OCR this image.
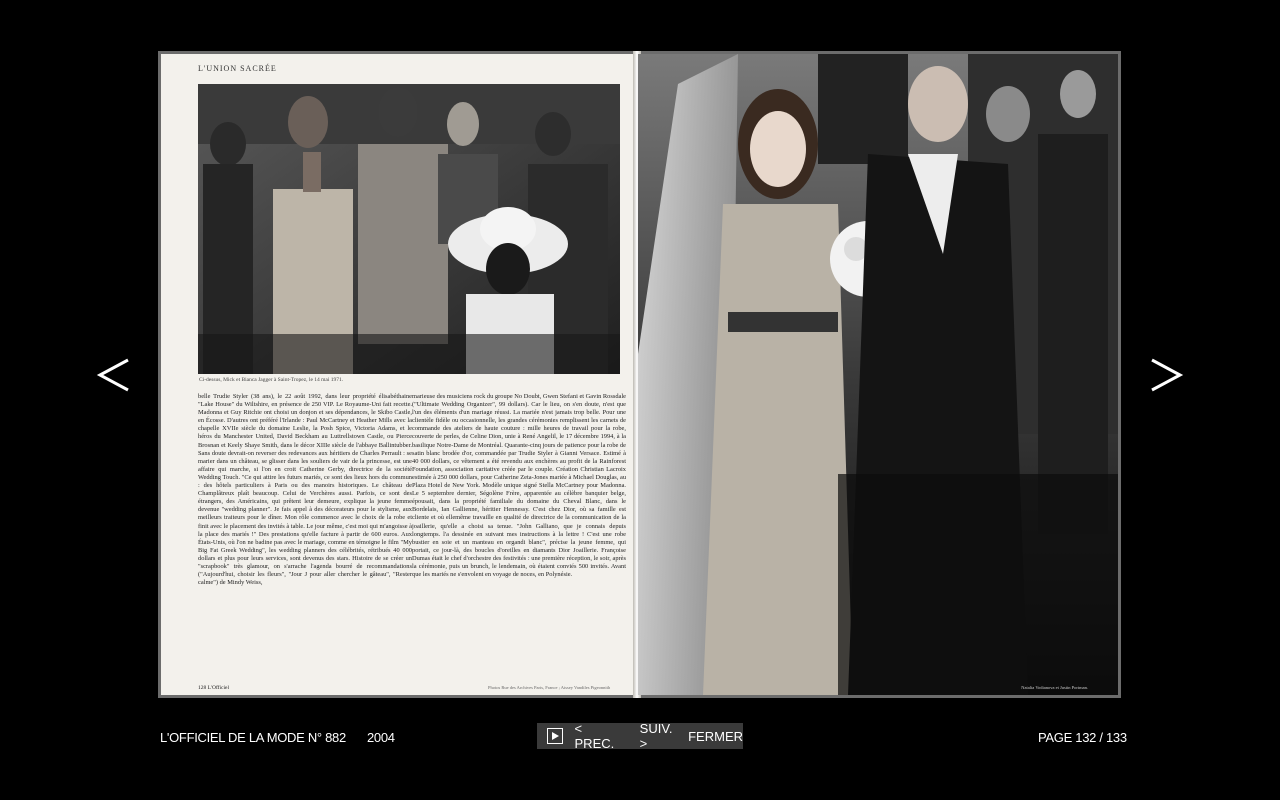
L'UNION SACRÉE
Ci-dessus, Mick et Bianca Jagger à Saint-Tropez, le 14 mai 1971.
belle Trudie Styler (38 ans), le 22 août 1992, dans leur propriété élisabéthaine "Lake House" du Wiltshire, en présence de 250 VIP. Le Royaume-Uni fait recette. Madonna et Guy Ritchie ont choisi un donjon et ses dépendances, le Skibo Castle, en Écosse. D'autres ont préféré l'Irlande : Paul McCartney et Heather Mills avec la chapelle XVIIe siècle du domaine Leslie, la Posh Spice, Victoria Adams, et le héros du Manchester United, David Beckham au Luttrellstown Castle, ou Pierce Brosnan et Keely Shaye Smith, dans le décor XIIIe siècle de l'abbaye Ballintubber. Sans doute devrait-on reverser des redevances aux héritiers de Charles Perrault : se marier dans un château, se glisser dans les souliers de vair de la princesse, est une affaire qui marche, si l'on en croit Catherine Gerby, directrice de la société Wedding Touch. "Ce qui attire les futurs mariés, ce sont des lieux hors du commun : des hôtels particuliers à Paris ou des manoirs historiques. Le château de Champlâtreux plaît beaucoup. Celui de Verchères aussi. Parfois, ce sont des étrangers, des Américains, qui prêtent leur demeure, explique la jeune femme devenue "wedding planner". Je fais appel à des décorateurs pour le stylisme, aux meilleurs traiteurs pour le dîner. Mon rôle commence avec le choix de la robe et finit avec le placement des invités à table. Le jour même, c'est moi qui m'angoisse à la place des mariés !" Des prestations qu'elle facture à partir de 600 euros. Aux États-Unis, où l'on ne badine pas avec le mariage, comme en témoigne le film "My Big Fat Greek Wedding", les wedding planners des célébrités, rétribués 40 000 dollars et plus pour leurs services, sont devenus des stars. Histoire de se créer un "scrapbook" très glamour, on s'arrache l'agenda bourré de recommandations ("Aujourd'hui, choisir les fleurs", "Jour J pour aller chercher le gâteau", "Rester calme") de Mindy Weiss,
marieuse des musiciens rock du groupe No Doubt, Gwen Stefani et Gavin Rossdale ("Ultimate Wedding Organizer", 99 dollars). Car le lieu, on s'en doute, n'est que l'un des éléments d'un mariage réussi. La mariée n'est jamais trop belle. Pour une clientèle fidèle ou occasionnelle, les grandes cérémonies remplissent les carnets de commande des ateliers de haute couture : mille heures de travail pour la robe, couverte de perles, de Celine Dion, unie à René Angelil, le 17 décembre 1994, à la basilique Notre-Dame de Montréal. Quarante-cinq jours de patience pour la robe de satin blanc brodée d'or, commandée par Trudie Styler à Gianni Versace. Estimé à 40 000 dollars, ce vêtement a été revendu aux enchères au profit de la Rainforest Foundation, association caritative créée par le couple. Création Christian Lacroix estimée à 250 000 dollars, pour Catherine Zeta-Jones mariée à Michael Douglas, au Plaza Hotel de New York. Modèle unique signé Stella McCartney pour Madonna. Le 5 septembre dernier, Ségolène Frère, apparentée au célèbre banquier belge, épousait, dans la propriété familiale du domaine du Cheval Blanc, dans le Bordelais, Ian Gallienne, héritier Hennessy. C'est chez Dior, où sa famille est cliente et où ellemême travaille en qualité de directrice de la communication de la joaillerie, qu'elle a choisi sa tenue. "John Galliano, que je connais depuis longtemps. l'a dessinée en suivant mes instructions à la lettre ! C'est une robe bustier en soie et un manteau en organdi blanc", précise la jeune femme, qui portait, ce jour-là, des boucles d'oreilles en diamants Dior Joaillerie. Françoise Dumas était le chef d'orchestre des festivités : une première réception, le soir, après la cérémonie, puis un brunch, le lendemain, où étaient conviés 500 invités. Avant que les mariés ne s'envolent en voyage de noces, en Polynésie.
128 L'Officiel	Photos Rue des Archives Paris, France ; Aissey Vandiles Pigeonnith	Natalia Vodianova et Justin Portman.
L'OFFICIEL DE LA MODE N° 882 2004
< PREC.
SUIV. >	FERMER	PAGE 132 / 133
